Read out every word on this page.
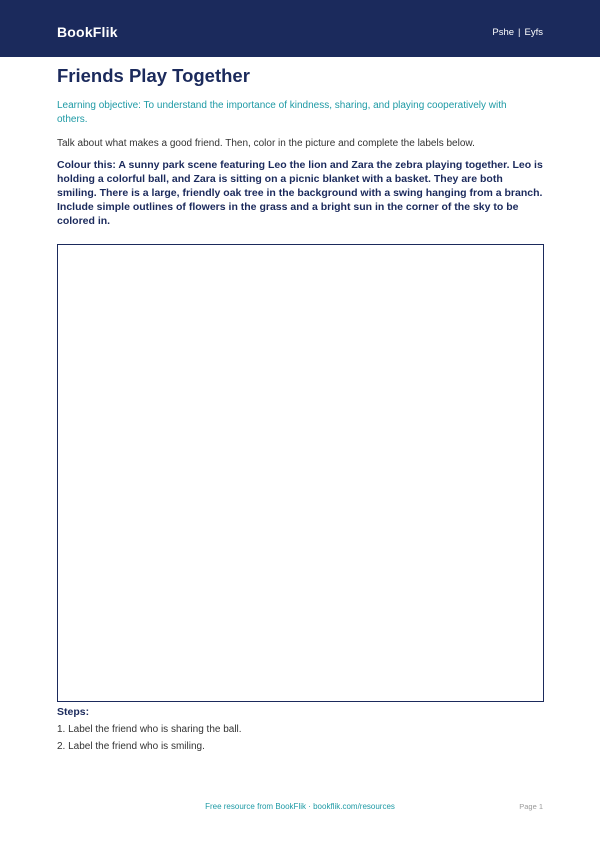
BookFlik	Pshe | Eyfs
Friends Play Together
Learning objective: To understand the importance of kindness, sharing, and playing cooperatively with others.
Talk about what makes a good friend. Then, color in the picture and complete the labels below.
Colour this: A sunny park scene featuring Leo the lion and Zara the zebra playing together. Leo is holding a colorful ball, and Zara is sitting on a picnic blanket with a basket. They are both smiling. There is a large, friendly oak tree in the background with a swing hanging from a branch. Include simple outlines of flowers in the grass and a bright sun in the corner of the sky to be colored in.
Steps:
1. Label the friend who is sharing the ball.
2. Label the friend who is smiling.
Free resource from BookFlik · bookflik.com/resources	Page 1
